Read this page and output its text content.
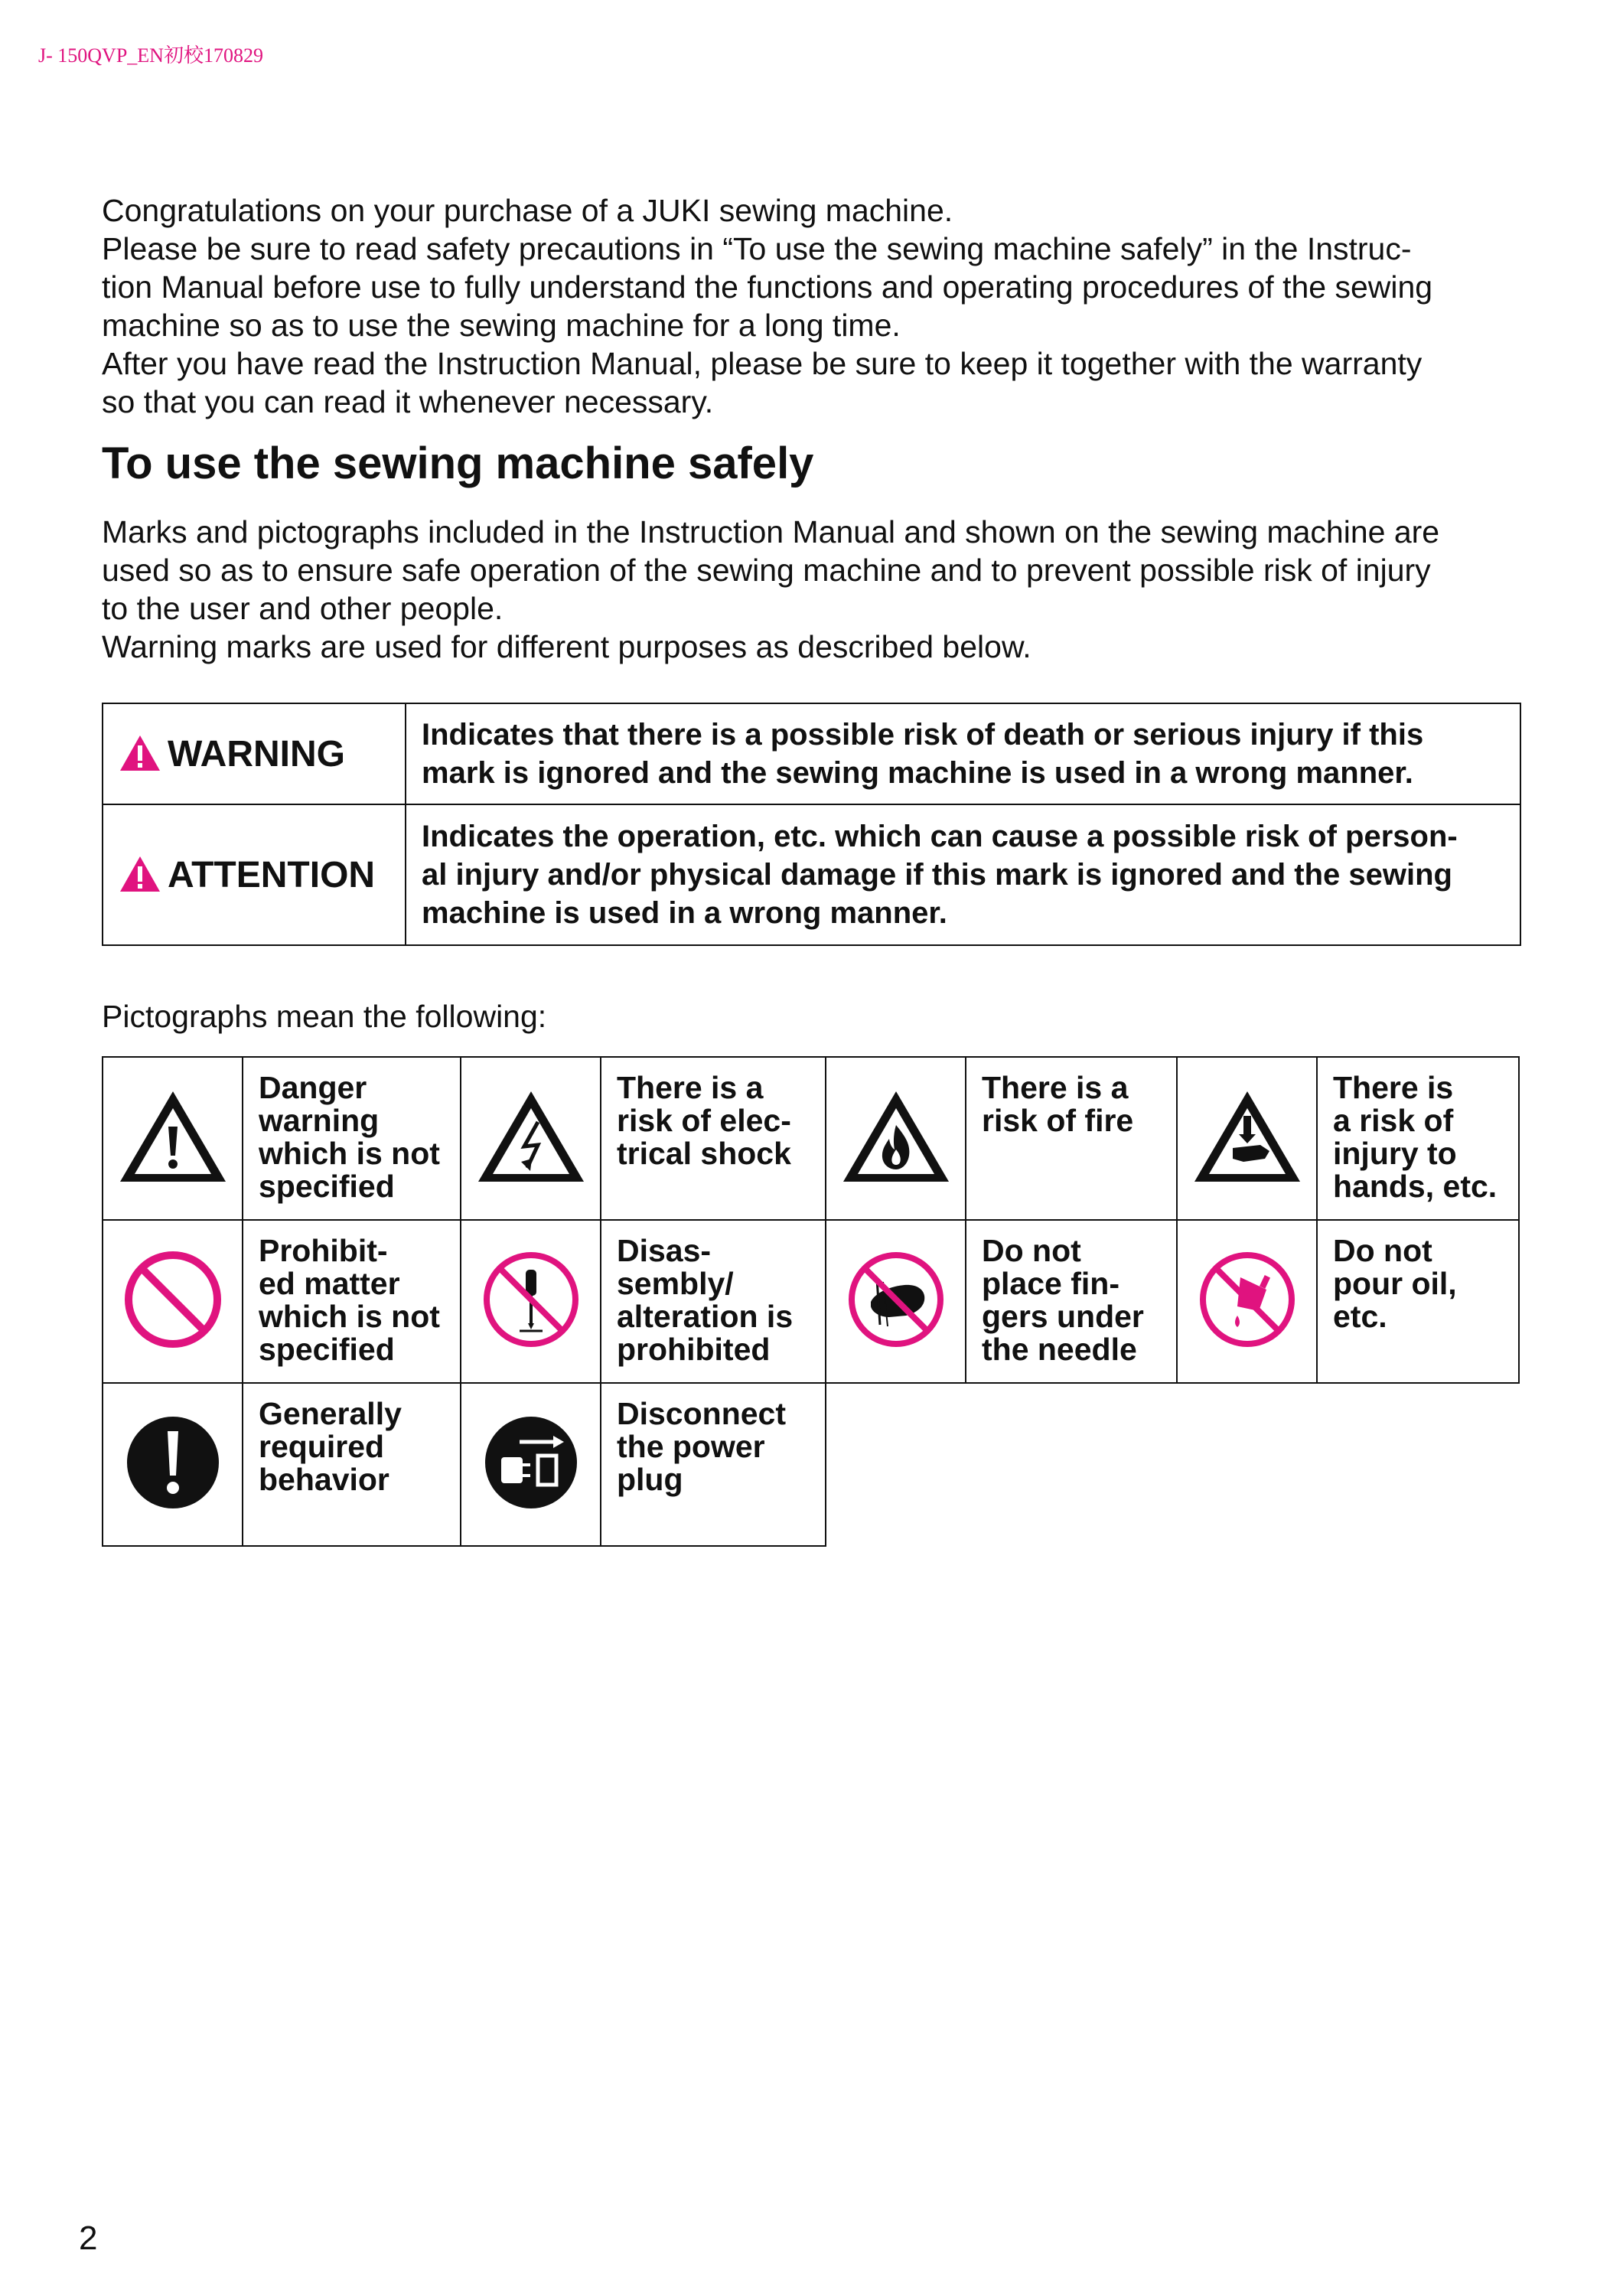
J- 150QVP_EN初校170829

Congratulations on your purchase of a JUKI sewing machine.

Please be sure to read safety precautions in “To use the sewing machine safely” in the Instruc-

tion Manual before use to fully understand the functions and operating procedures of the sewing

machine so as to use the sewing machine for a long time.

After you have read the Instruction Manual, please be sure to keep it together with the warranty

so that you can read it whenever necessary.

To use the sewing machine safely

Marks and pictographs included in the Instruction Manual and shown on the sewing machine are

used so as to ensure safe operation of the sewing machine and to prevent possible risk of injury

to the user and other people.

Warning marks are used for different purposes as described below.

WARNING	Indicates that there is a possible risk of death or serious injury if this
mark is ignored and the sewing machine is used in a wrong manner.

ATTENTION	Indicates the operation, etc. which can cause a possible risk of person-
al injury and/or physical damage if this mark is ignored and the sewing
machine is used in a wrong manner.
Pictographs mean the following:

Danger
warning
which is not
specified		There is a
risk of elec-
trical shock		There is a
risk of fire		There is
a risk of
injury to
hands, etc.

Prohibit-
ed matter
which is not
specified		Disas-
sembly/
alteration is
prohibited		Do not
place fin-
gers under
the needle		Do not
pour oil,
etc.

Generally
required
behavior		Disconnect
the power
plug				

2
